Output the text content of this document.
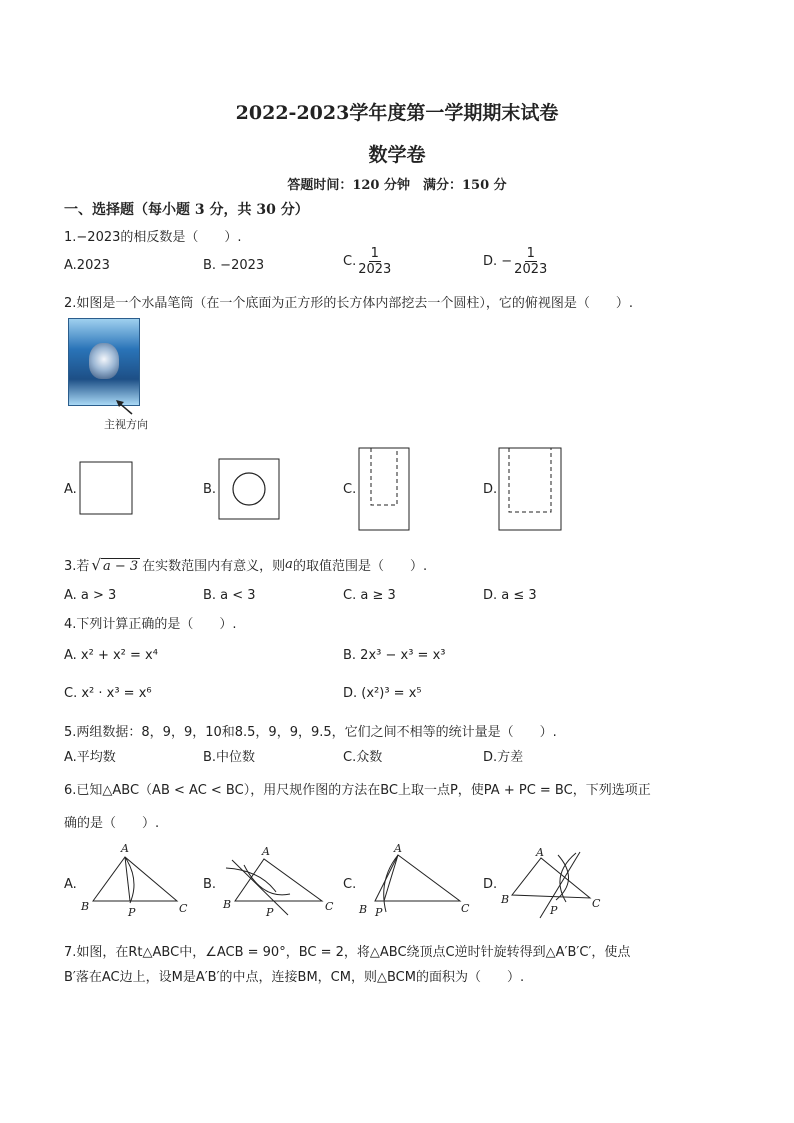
2022-2023学年度第一学期期末试卷
数学卷
答题时间：120 分钟　满分：150 分
一、选择题（每小题 3 分，共 30 分）
1.−2023的相反数是（　　）.
A.2023	B. −2023	C. $\frac{1}{2023}$	D. − $\frac{1}{2023}$
2.如图是一个水晶笔筒（在一个底面为正方形的长方体内部挖去一个圆柱），它的俯视图是（　　）.
主视方向
A.	B.	C.	D.
3.若 √ a − 3 在实数范围内有意义，则 a 的取值范围是（　　）.
A. a > 3	B. a < 3	C. a ≥ 3	D. a ≤ 3
4.下列计算正确的是（　　）.
A. x² + x² = x⁴	B. 2x³ − x³ = x³
C. x² · x³ = x⁶	D. (x²)³ = x⁵
5.两组数据：8，9，9，10和8.5，9，9，9.5，它们之间不相等的统计量是（　　）.
A.平均数	B.中位数	C.众数	D.方差
6.已知△ABC（AB < AC < BC），用尺规作图的方法在BC上取一点P，使PA + PC = BC，下列选项正
确的是（　　）.
A.	B.	C.	D.
A
B	C
P
A
B	C
P
A
B	C
P
A
B	C
P
7.如图，在Rt△ABC中，∠ACB = 90°，BC = 2，将△ABC绕顶点C逆时针旋转得到△A′B′C′，使点
B′落在AC边上，设M是A′B′的中点，连接BM，CM，则△BCM的面积为（　　）.
